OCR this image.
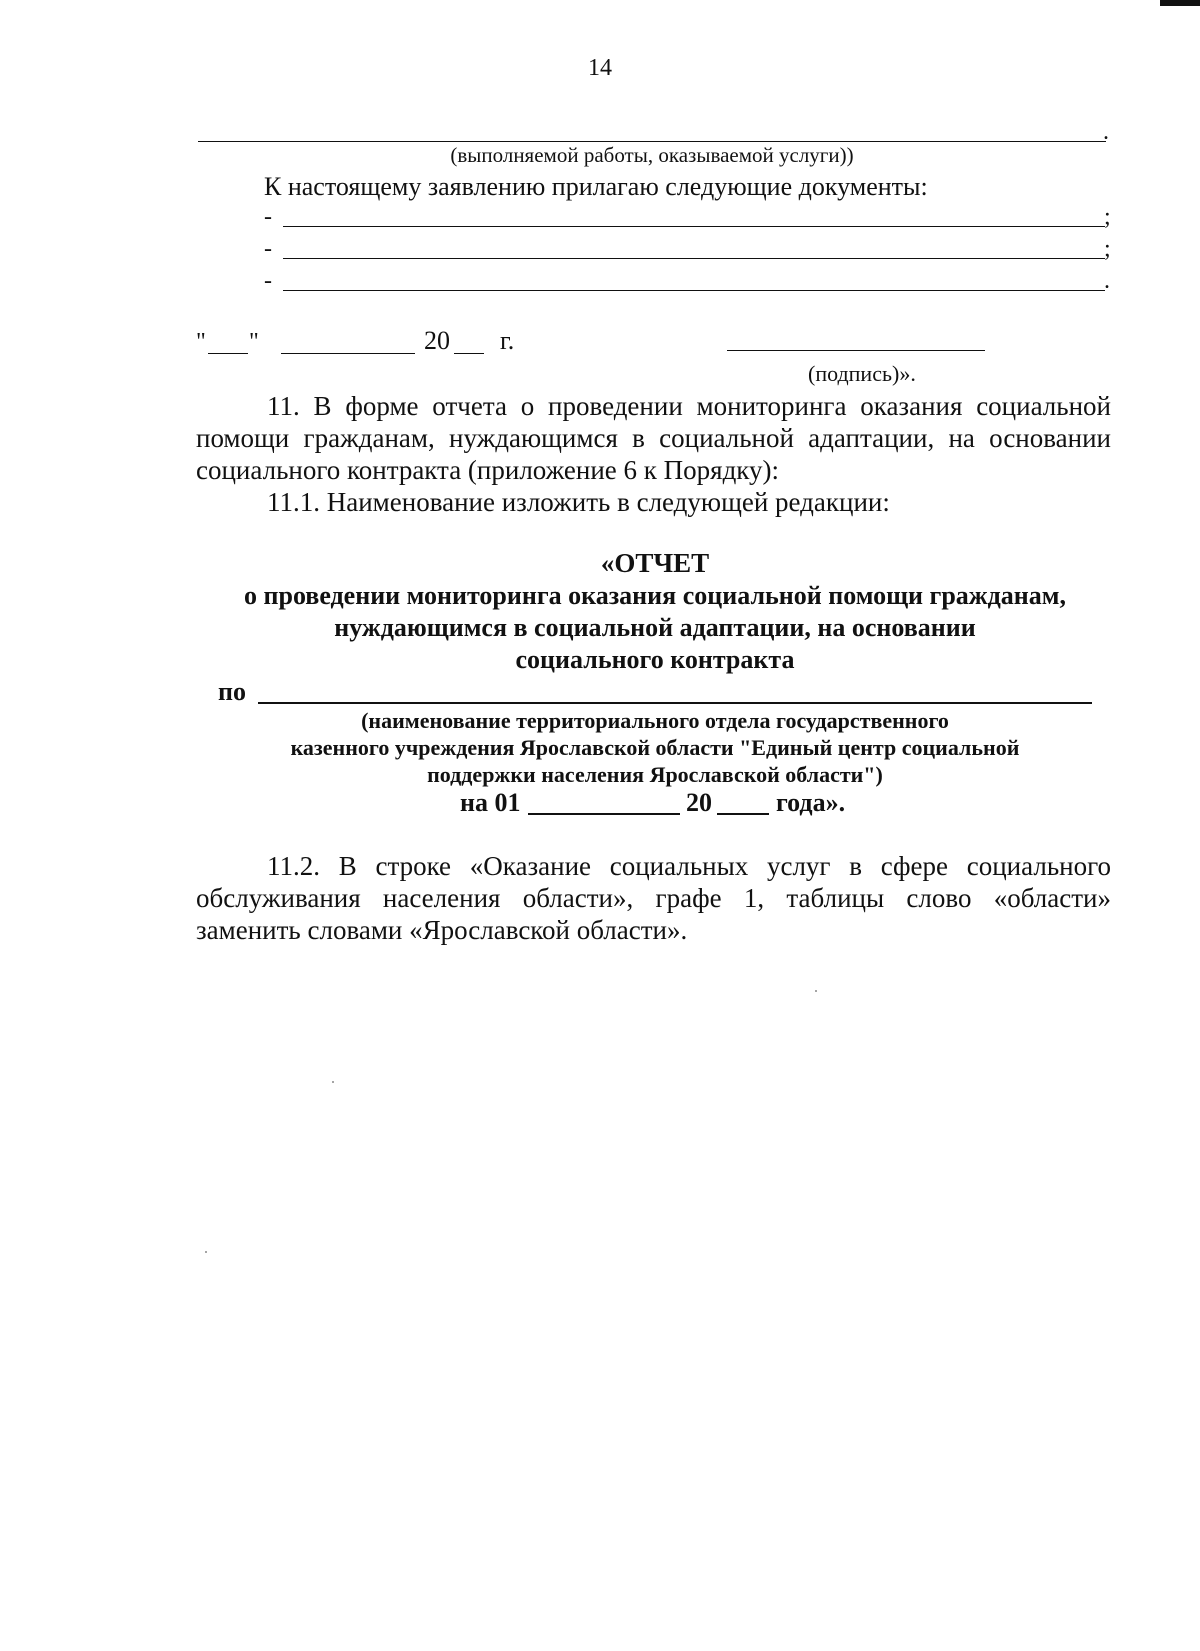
14
.
(выполняемой работы, оказываемой услуги))
К настоящему заявлению прилагаю следующие документы:
-	;
-	;
-	.
" "	20 г.
(подпись)».
11. В форме отчета о проведении мониторинга оказания социальной
помощи гражданам, нуждающимся в социальной адаптации, на основании
социального контракта (приложение 6 к Порядку):
11.1. Наименование изложить в следующей редакции:
«ОТЧЕТ
о проведении мониторинга оказания социальной помощи гражданам,
нуждающимся в социальной адаптации, на основании
социального контракта
по
(наименование территориального отдела государственного
казенного учреждения Ярославской области "Единый центр социальной
поддержки населения Ярославской области")
на 01	20 года».
11.2. В строке «Оказание социальных услуг в сфере социального
обслуживания населения области», графе 1, таблицы слово «области»
заменить словами «Ярославской области».
